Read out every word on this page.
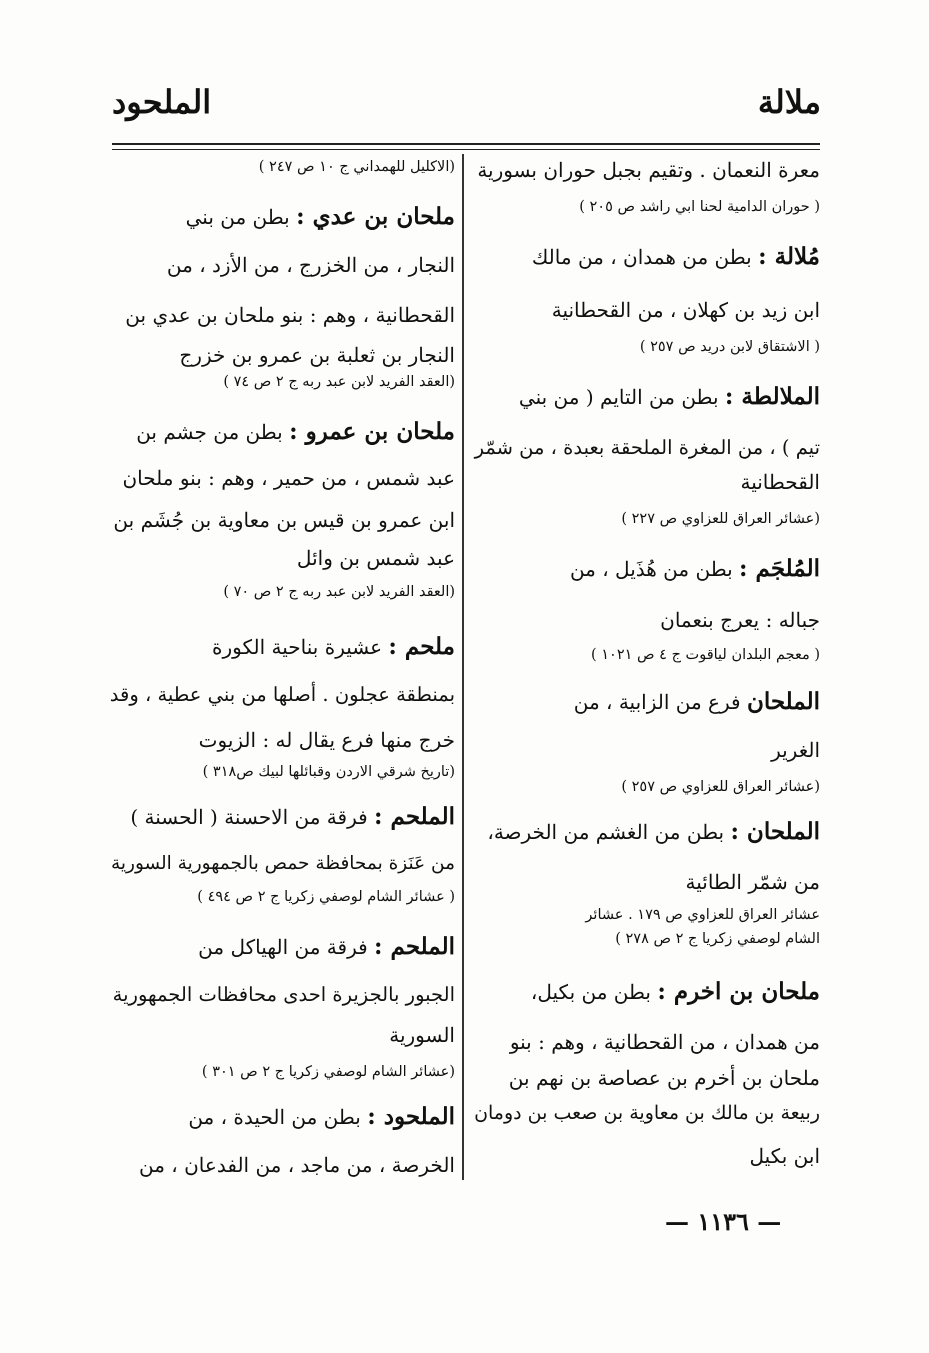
ملالة
الملحود
معرة النعمان . وتقيم بجبل حوران بسورية
( حوران الدامية لحنا ابي راشد ص ٢٠٥ )
مُلالة : بطن من همدان ، من مالك
ابن زيد بن كهلان ، من القحطانية
( الاشتقاق لابن دريد ص ٢٥٧ )
الملالطة : بطن من التايم ( من بني
تيم ) ، من المغرة الملحقة بعبدة ، من شمّر
القحطانية
(عشائر العراق للعزاوي ص ٢٢٧ )
المُلجَم : بطن من هُذَيل ، من
جباله : يعرج بنعمان
( معجم البلدان لياقوت ج ٤ ص ١٠٢١ )
الملحان فرع من الزابية ، من
الغرير
(عشائر العراق للعزاوي ص ٢٥٧ )
الملحان : بطن من الغشم من الخرصة،
من شمّر الطائية
عشائر العراق للعزاوي ص ١٧٩ . عشائر
الشام لوصفي زكريا ج ٢ ص ٢٧٨ )
ملحان بن اخرم : بطن من بكيل،
من همدان ، من القحطانية ، وهم : بنو
ملحان بن أخرم بن عصاصة بن نهم بن
ربيعة بن مالك بن معاوية بن صعب بن دومان
ابن بكيل
(الاكليل للهمداني ج ١٠ ص ٢٤٧ )
ملحان بن عدي : بطن من بني
النجار ، من الخزرج ، من الأزد ، من
القحطانية ، وهم : بنو ملحان بن عدي بن
النجار بن ثعلبة بن عمرو بن خزرج
(العقد الفريد لابن عبد ربه ج ٢ ص ٧٤ )
ملحان بن عمرو : بطن من جشم بن
عبد شمس ، من حمير ، وهم : بنو ملحان
ابن عمرو بن قيس بن معاوية بن جُشَم بن
عبد شمس بن وائل
(العقد الفريد لابن عبد ربه ج ٢ ص ٧٠ )
ملحم : عشيرة بناحية الكورة
بمنطقة عجلون . أصلها من بني عطية ، وقد
خرج منها فرع يقال له : الزيوت
(تاريخ شرقي الاردن وقبائلها لبيك ص٣١٨ )
الملحم : فرقة من الاحسنة ( الحسنة )
من عَنَزة بمحافظة حمص بالجمهورية السورية
( عشائر الشام لوصفي زكريا ج ٢ ص ٤٩٤ )
الملحم : فرقة من الهياكل من
الجبور بالجزيرة احدى محافظات الجمهورية
السورية
(عشائر الشام لوصفي زكريا ج ٢ ص ٣٠١ )
الملحود : بطن من الحيدة ، من
الخرصة ، من ماجد ، من الفدعان ، من
— ١١٣٦ —
